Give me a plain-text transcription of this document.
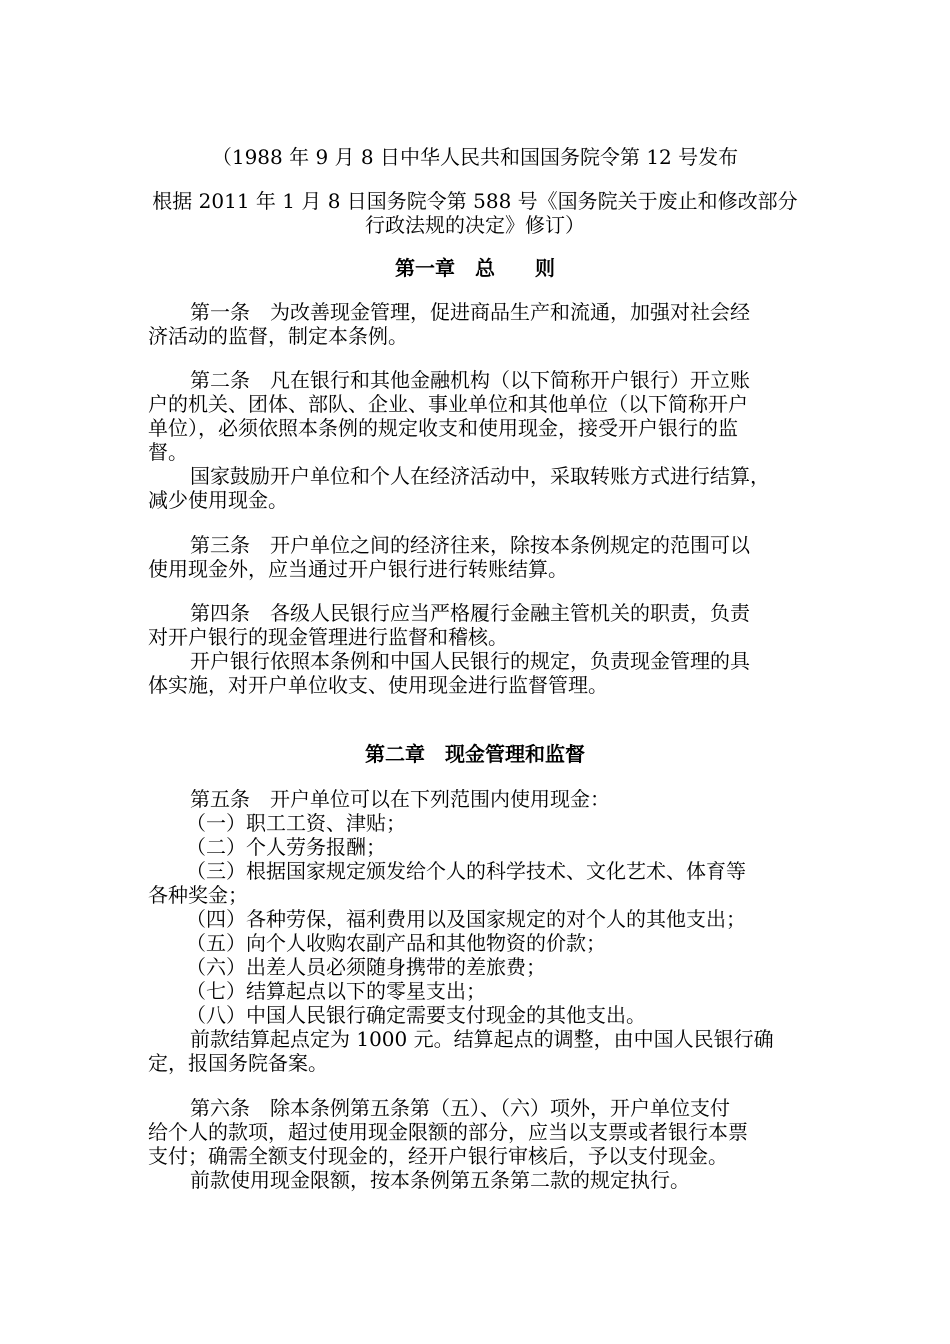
（1988 年 9 月 8 日中华人民共和国国务院令第 12 号发布
根据 2011 年 1 月 8 日国务院令第 588 号《国务院关于废止和修改部分
行政法规的决定》修订）
第一章　总　　则
第一条　为改善现金管理，促进商品生产和流通，加强对社会经
济活动的监督，制定本条例。
第二条　凡在银行和其他金融机构（以下简称开户银行）开立账
户的机关、团体、部队、企业、事业单位和其他单位（以下简称开户
单位），必须依照本条例的规定收支和使用现金，接受开户银行的监
督。
国家鼓励开户单位和个人在经济活动中，采取转账方式进行结算，
减少使用现金。
第三条　开户单位之间的经济往来，除按本条例规定的范围可以
使用现金外，应当通过开户银行进行转账结算。
第四条　各级人民银行应当严格履行金融主管机关的职责，负责
对开户银行的现金管理进行监督和稽核。
开户银行依照本条例和中国人民银行的规定，负责现金管理的具
体实施，对开户单位收支、使用现金进行监督管理。
第二章　现金管理和监督
第五条　开户单位可以在下列范围内使用现金：
（一）职工工资、津贴；
（二）个人劳务报酬；
（三）根据国家规定颁发给个人的科学技术、文化艺术、体育等
各种奖金；
（四）各种劳保，福利费用以及国家规定的对个人的其他支出；
（五）向个人收购农副产品和其他物资的价款；
（六）出差人员必须随身携带的差旅费；
（七）结算起点以下的零星支出；
（八）中国人民银行确定需要支付现金的其他支出。
前款结算起点定为 1000 元。结算起点的调整，由中国人民银行确
定，报国务院备案。
第六条　除本条例第五条第（五）、（六）项外，开户单位支付
给个人的款项，超过使用现金限额的部分，应当以支票或者银行本票
支付；确需全额支付现金的，经开户银行审核后，予以支付现金。
前款使用现金限额，按本条例第五条第二款的规定执行。
